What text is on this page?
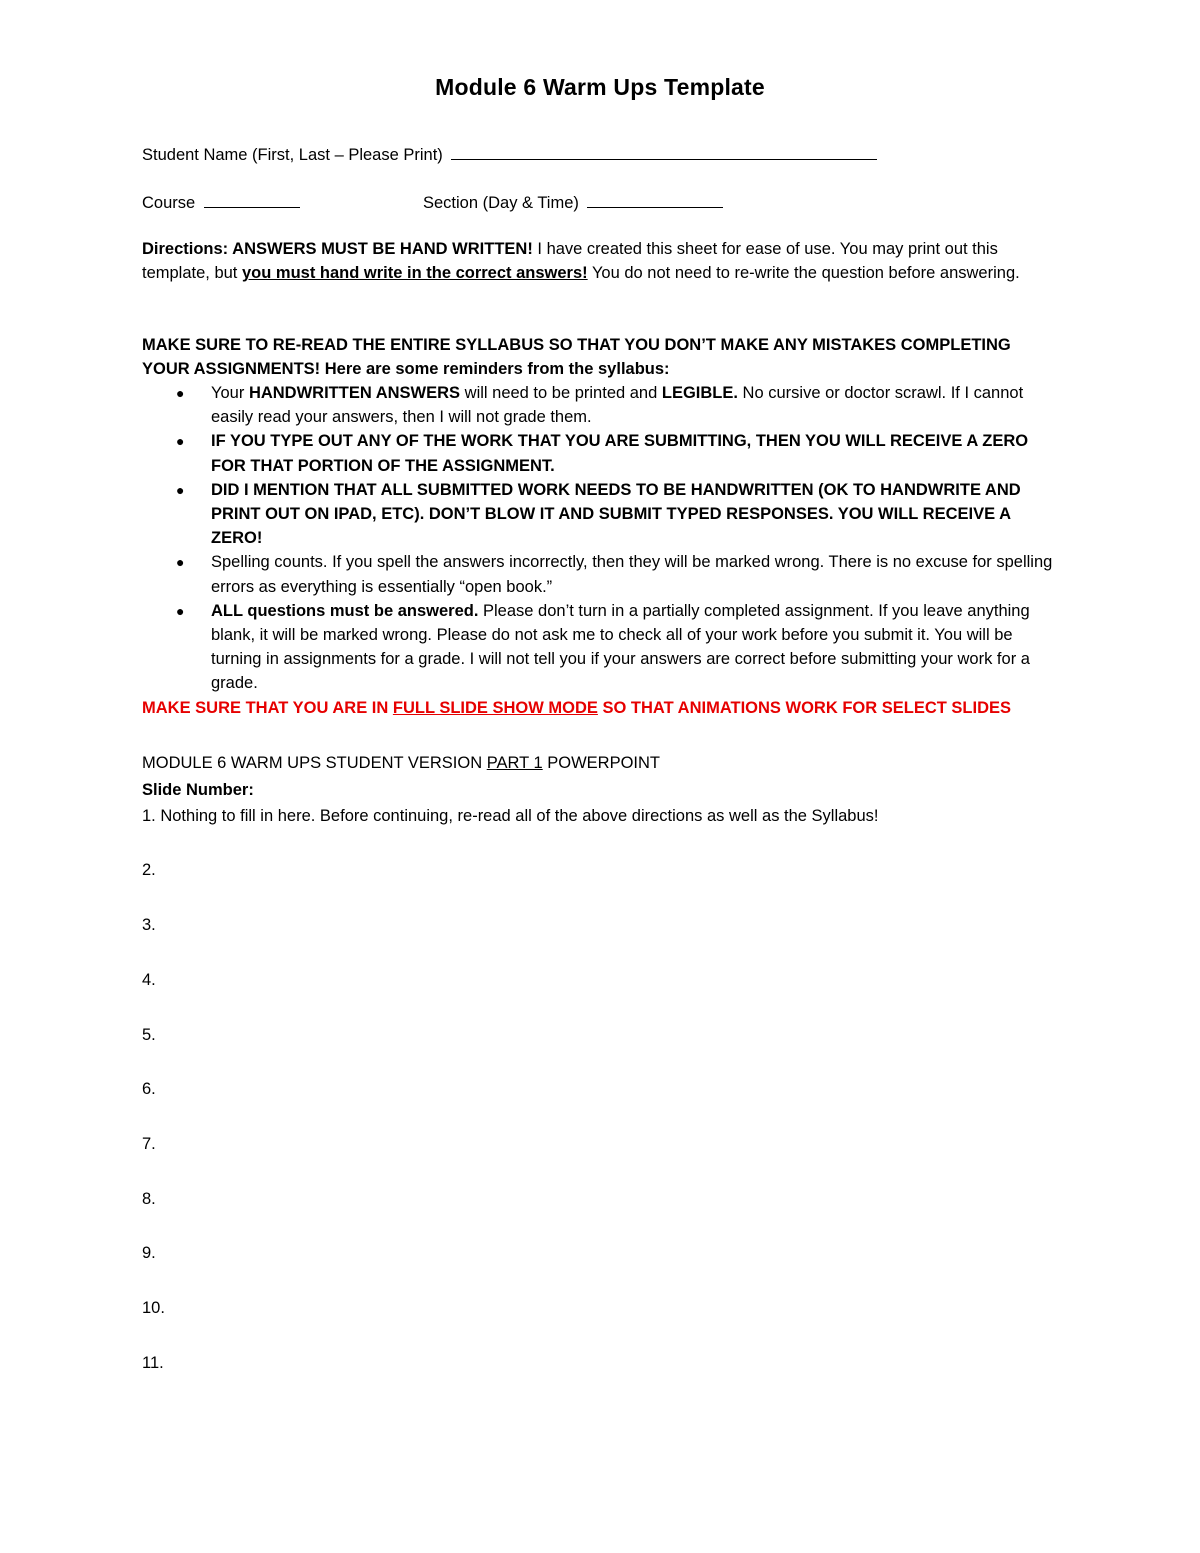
Module 6 Warm Ups Template
Student Name (First, Last – Please Print)
Course	Section (Day & Time)
Directions: ANSWERS MUST BE HAND WRITTEN! I have created this sheet for ease of use. You may print out this template, but you must hand write in the correct answers! You do not need to re-write the question before answering.
MAKE SURE TO RE-READ THE ENTIRE SYLLABUS SO THAT YOU DON’T MAKE ANY MISTAKES COMPLETING YOUR ASSIGNMENTS! Here are some reminders from the syllabus:
● Your HANDWRITTEN ANSWERS will need to be printed and LEGIBLE. No cursive or doctor scrawl. If I cannot easily read your answers, then I will not grade them.
● IF YOU TYPE OUT ANY OF THE WORK THAT YOU ARE SUBMITTING, THEN YOU WILL RECEIVE A ZERO FOR THAT PORTION OF THE ASSIGNMENT.
● DID I MENTION THAT ALL SUBMITTED WORK NEEDS TO BE HANDWRITTEN (OK TO HANDWRITE AND PRINT OUT ON IPAD, ETC). DON’T BLOW IT AND SUBMIT TYPED RESPONSES. YOU WILL RECEIVE A ZERO!
● Spelling counts. If you spell the answers incorrectly, then they will be marked wrong. There is no excuse for spelling errors as everything is essentially “open book.”
● ALL questions must be answered. Please don’t turn in a partially completed assignment. If you leave anything blank, it will be marked wrong. Please do not ask me to check all of your work before you submit it. You will be turning in assignments for a grade. I will not tell you if your answers are correct before submitting your work for a grade.
MAKE SURE THAT YOU ARE IN FULL SLIDE SHOW MODE SO THAT ANIMATIONS WORK FOR SELECT SLIDES
MODULE 6 WARM UPS STUDENT VERSION PART 1 POWERPOINT
Slide Number:
1. Nothing to fill in here. Before continuing, re-read all of the above directions as well as the Syllabus!
2.
3.
4.
5.
6.
7.
8.
9.
10.
11.
